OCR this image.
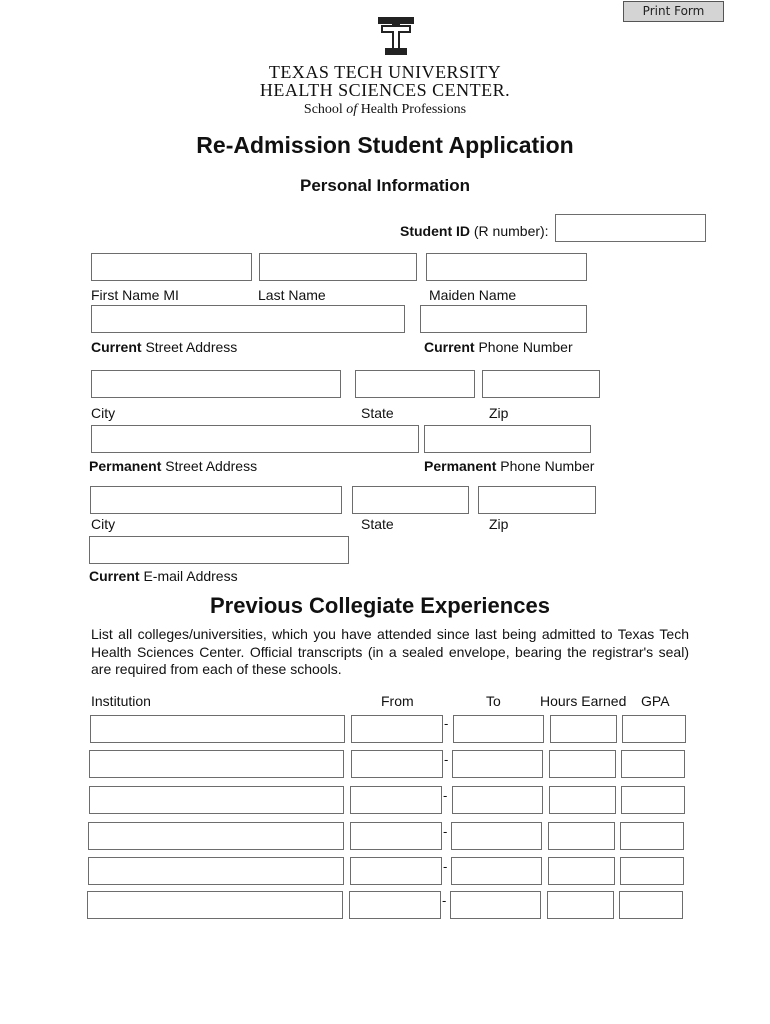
Print Form
TEXAS TECH UNIVERSITY
HEALTH SCIENCES CENTER.
School of Health Professions
Re-Admission Student Application
Personal Information
Student ID (R number):
First Name MI	Last Name	Maiden Name
Current Street Address	Current Phone Number
City	State	Zip
Permanent Street Address	Permanent Phone Number
City	State	Zip
Current E-mail Address
Previous Collegiate Experiences
List all colleges/universities, which you have attended since last being admitted to Texas Tech Health Sciences Center. Official transcripts (in a sealed envelope, bearing the registrar's seal) are required from each of these schools.
Institution	From	To	Hours Earned GPA
-
-
-
-
-
-
